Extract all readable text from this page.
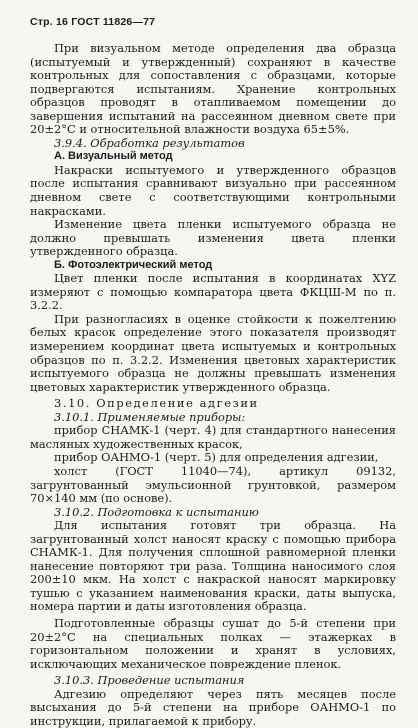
Стр. 16 ГОСТ 11826—77

При визуальном методе определения два образца (испытуемый и утвержденный) сохраняют в качестве контрольных для сопоставления с образцами, которые подвергаются испытаниям. Хранение контрольных образцов проводят в отапливаемом помещении до завершения испытаний на рассеянном дневном свете при 20±2°С и относительной влажности воздуха 65±5%.

3.9.4. Обработка результатов

А. Визуальный метод

Накраски испытуемого и утвержденного образцов после испытания сравнивают визуально при рассеянном дневном свете с соответствующими контрольными накрасками.

Изменение цвета пленки испытуемого образца не должно превышать изменения цвета пленки утвержденного образца.

Б. Фотоэлектрический метод

Цвет пленки после испытания в координатах XYZ измеряют с помощью компаратора цвета ФКЦШ-М по п. 3.2.2.

При разногласиях в оценке стойкости к пожелтению белых красок определение этого показателя производят измерением координат цвета испытуемых и контрольных образцов по п. 3.2.2. Изменения цветовых характеристик испытуемого образца не должны превышать изменения цветовых характеристик утвержденного образца.

3.10. Определение адгезии

3.10.1. Применяемые приборы:

прибор СНАМК-1 (черт. 4) для стандартного нанесения масляных художественных красок,

прибор ОАНМО-1 (черт. 5) для определения адгезии,

холст (ГОСТ 11040—74), артикул 09132, загрунтованный эмульсионной грунтовкой, размером 70×140 мм (по основе).

3.10.2. Подготовка к испытанию

Для испытания готовят три образца. На загрунтованный холст наносят краску с помощью прибора СНАМК-1. Для получения сплошной равномерной пленки нанесение повторяют три раза. Толщина наносимого слоя 200±10 мкм. На холст с накраской наносят маркировку тушью с указанием наименования краски, даты выпуска, номера партии и даты изготовления образца.

Подготовленные образцы сушат до 5-й степени при 20±2°С на специальных полках — этажерках в горизонтальном положении и хранят в условиях, исключающих механическое повреждение пленок.

3.10.3. Проведение испытания

Адгезию определяют через пять месяцев после высыхания до 5-й степени на приборе ОАНМО-1 по инструкции, прилагаемой к прибору.
